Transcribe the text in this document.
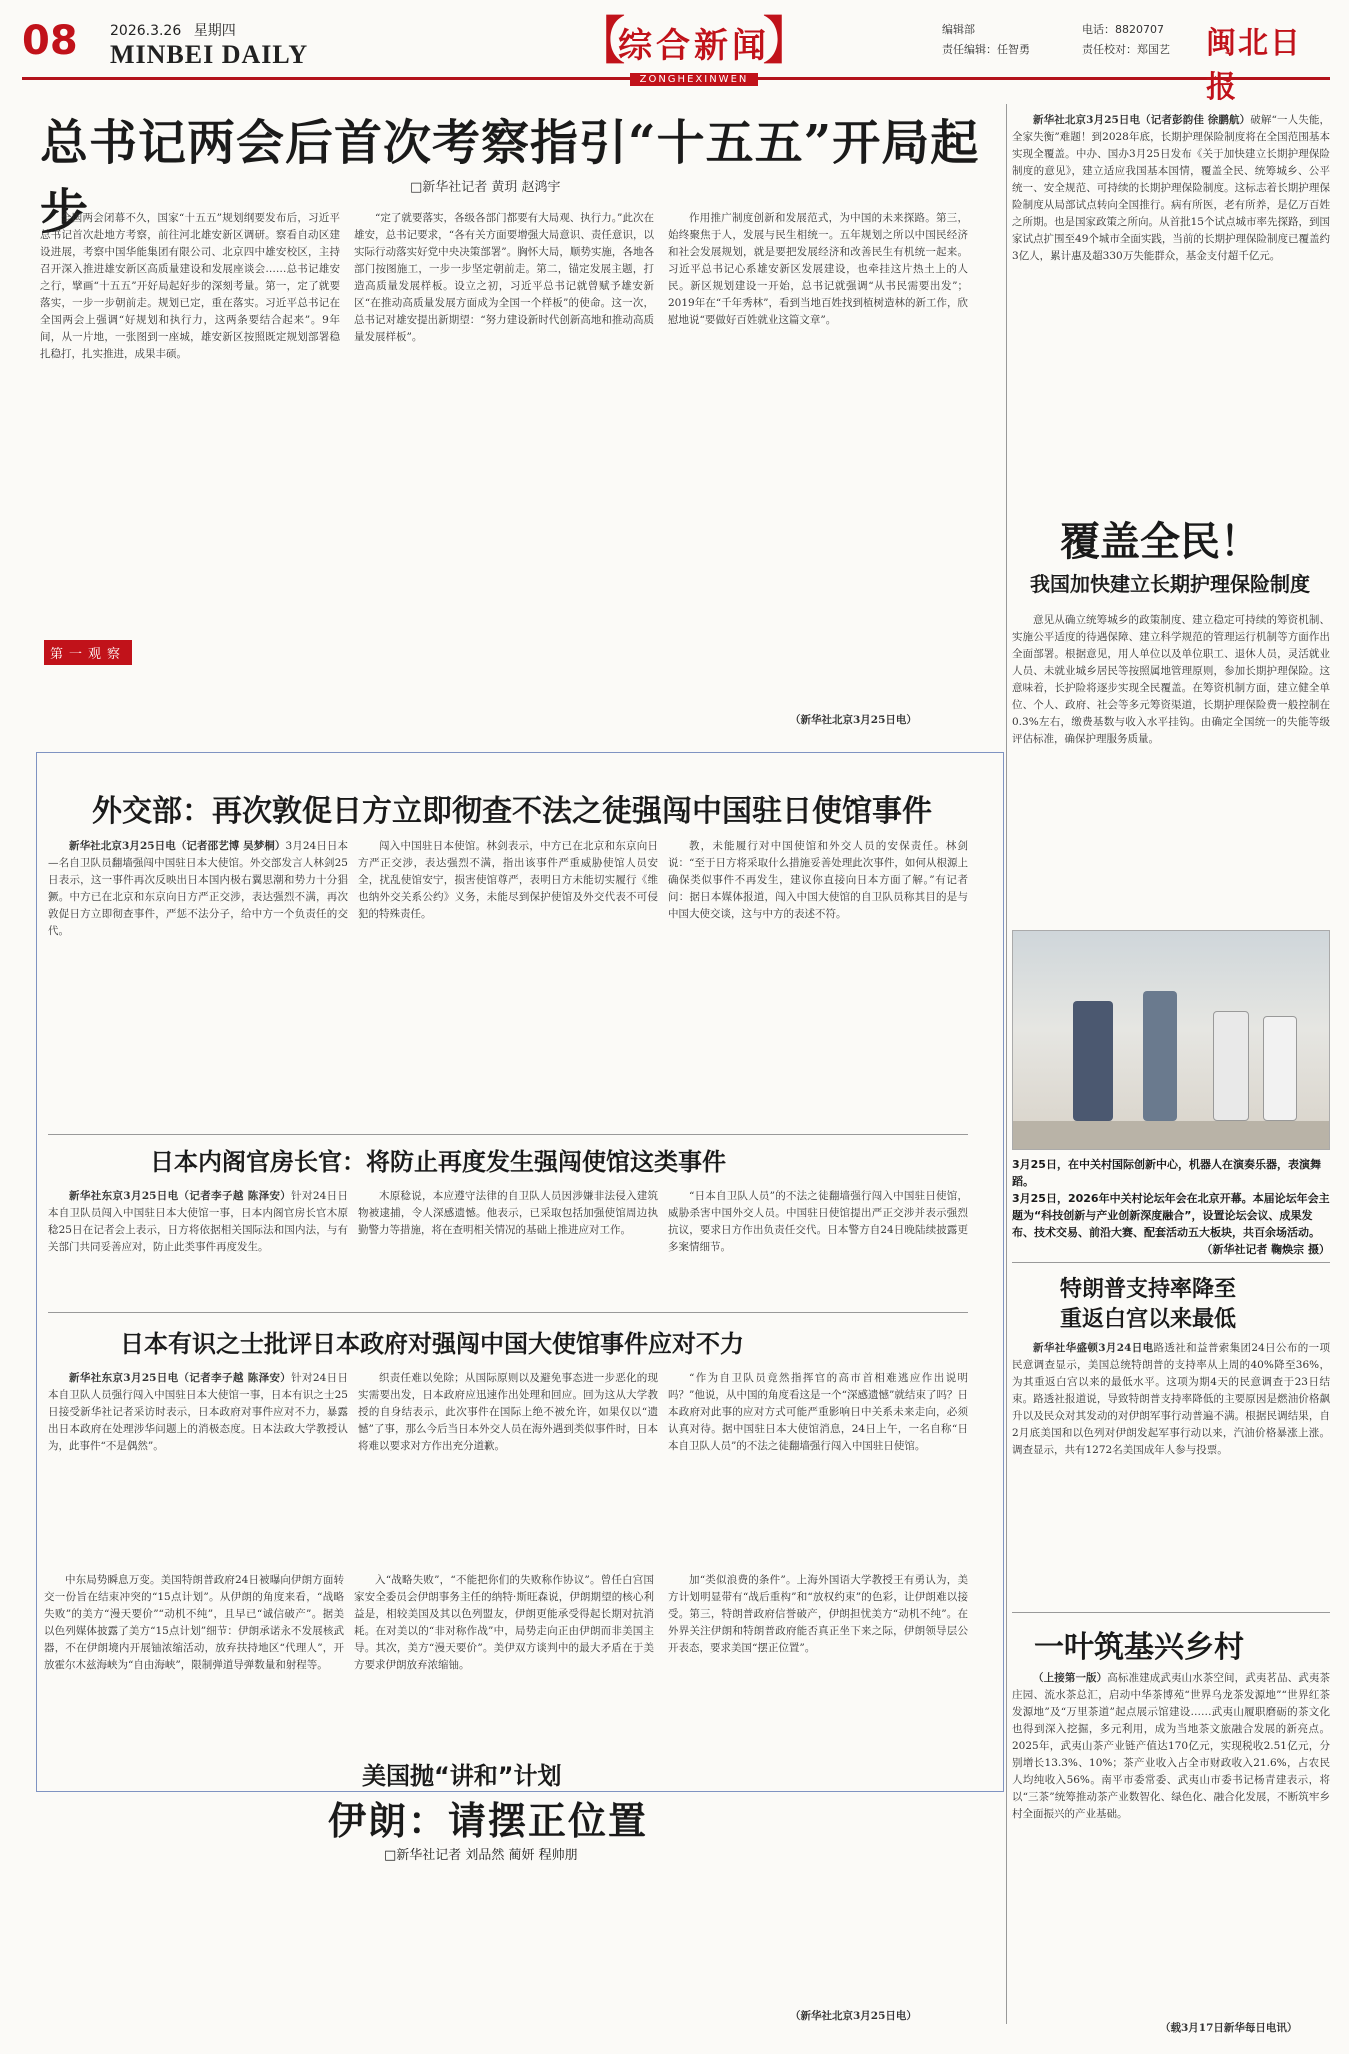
08 2026.3.26 星期四
MINBEI DAILY	【
综合新闻
ZONGHEXINWEN
】	编辑部
责任编辑：任智勇
电话：8820707
责任校对：郑国艺 闽北日报
总书记两会后首次考察指引“十五五”开局起步	□新华社记者 黄玥 赵鸿宇

全国两会闭幕不久，国家“十五五”规划纲要发布后，习近平总书记首次赴地方考察，前往河北雄安新区调研。察看自动区建设进展，考察中国华能集团有限公司、北京四中雄安校区，主持召开深入推进雄安新区高质量建设和发展座谈会……总书记雄安之行，擘画“十五五”开好局起好步的深刻考量。第一，定了就要落实，一步一步朝前走。规划已定，重在落实。习近平总书记在全国两会上强调“好规划和执行力，这两条要结合起来”。9年间，从一片地，一张图到一座城，雄安新区按照既定规划部署稳扎稳打，扎实推进，成果丰硕。

“定了就要落实，各级各部门都要有大局观、执行力。”此次在雄安，总书记要求，“各有关方面要增强大局意识、责任意识，以实际行动落实好党中央决策部署”。胸怀大局，顺势实施，各地各部门按图施工，一步一步坚定朝前走。第二，锚定发展主题，打造高质量发展样板。设立之初，习近平总书记就曾赋予雄安新区“在推动高质量发展方面成为全国一个样板”的使命。这一次，总书记对雄安提出新期望：“努力建设新时代创新高地和推动高质量发展样板”。

作用推广制度创新和发展范式，为中国的未来探路。第三，始终聚焦于人，发展与民生相统一。五年规划之所以中国民经济和社会发展规划，就是要把发展经济和改善民生有机统一起来。习近平总书记心系雄安新区发展建设，也牵挂这片热土上的人民。新区规划建设一开始，总书记就强调“从书民需要出发”；2019年在“千年秀林”，看到当地百姓找到植树造林的新工作，欣慰地说“要做好百姓就业这篇文章”。

第一观察
（新华社北京3月25日电）
外交部：再次敦促日方立即彻查不法之徒强闯中国驻日使馆事件

新华社北京3月25日电（记者邵艺博 吴梦桐）3月24日日本—名自卫队员翻墙强闯中国驻日本大使馆。外交部发言人林剑25日表示，这一事件再次反映出日本国内极右翼思潮和势力十分猖獗。中方已在北京和东京向日方严正交涉，表达强烈不满，再次敦促日方立即彻查事件，严惩不法分子，给中方一个负责任的交代。

闯入中国驻日本使馆。林剑表示，中方已在北京和东京向日方严正交涉，表达强烈不满，指出该事件严重威胁使馆人员安全，扰乱使馆安宁，损害使馆尊严，表明日方未能切实履行《维也纳外交关系公约》义务，未能尽到保护使馆及外交代表不可侵犯的特殊责任。

教，未能履行对中国使馆和外交人员的安保责任。林剑说：“至于日方将采取什么措施妥善处理此次事件，如何从根源上确保类似事件不再发生，建议你直接向日本方面了解。”有记者问：据日本媒体报道，闯入中国大使馆的自卫队员称其目的是与中国大使交谈，这与中方的表述不符。

日本内阁官房长官：将防止再度发生强闯使馆这类事件

新华社东京3月25日电（记者李子越 陈泽安）针对24日日本自卫队员闯入中国驻日本大使馆一事，日本内阁官房长官木原稔25日在记者会上表示，日方将依据相关国际法和国内法，与有关部门共同妥善应对，防止此类事件再度发生。

木原稔说，本应遵守法律的自卫队人员因涉嫌非法侵入建筑物被逮捕，令人深感遗憾。他表示，已采取包括加强使馆周边执勤警力等措施，将在查明相关情况的基础上推进应对工作。

“日本自卫队人员”的不法之徒翻墙强行闯入中国驻日使馆，威胁杀害中国外交人员。中国驻日使馆提出严正交涉并表示强烈抗议，要求日方作出负责任交代。日本警方自24日晚陆续披露更多案情细节。

日本有识之士批评日本政府对强闯中国大使馆事件应对不力

新华社东京3月25日电（记者李子越 陈泽安）针对24日日本自卫队人员强行闯入中国驻日本大使馆一事，日本有识之士25日接受新华社记者采访时表示，日本政府对事件应对不力，暴露出日本政府在处理涉华问题上的消极态度。日本法政大学教授认为，此事件“不是偶然”。

织责任难以免除；从国际原则以及避免事态进一步恶化的现实需要出发，日本政府应迅速作出处理和回应。回为这从大学教授的自身结表示，此次事件在国际上绝不被允许，如果仅以“遗憾”了事，那么今后当日本外交人员在海外遇到类似事件时，日本将难以要求对方作出充分道歉。

“作为自卫队员竟然指挥官的高市首相难逃应作出说明吗？”他说，从中国的角度看这是一个“深感遗憾”就结束了吗？日本政府对此事的应对方式可能严重影响日中关系未来走向，必须认真对待。据中国驻日本大使馆消息，24日上午，一名自称“日本自卫队人员”的不法之徒翻墙强行闯入中国驻日使馆。

中东局势瞬息万变。美国特朗普政府24日被曝向伊朗方面转交一份旨在结束冲突的“15点计划”。从伊朗的角度来看，“战略失败”的美方“漫天要价”“动机不纯”，且早已“诚信破产”。据美以色列媒体披露了美方“15点计划”细节：伊朗承诺永不发展核武器，不在伊朗境内开展铀浓缩活动，放弃扶持地区“代理人”，开放霍尔木兹海峡为“自由海峡”，限制弹道导弹数量和射程等。

入“战略失败”，“不能把你们的失败称作协议”。曾任白宫国家安全委员会伊朗事务主任的纳特·斯旺森说，伊朗期望的核心利益是，相较美国及其以色列盟友，伊朗更能承受得起长期对抗消耗。在对美以的“非对称作战”中，局势走向正由伊朗而非美国主导。其次，美方“漫天要价”。美伊双方谈判中的最大矛盾在于美方要求伊朗放弃浓缩铀。

加“类似浪费的条件”。上海外国语大学教授王有勇认为，美方计划明显带有“战后重构”和“放权约束”的色彩，让伊朗难以接受。第三，特朗普政府信誉破产，伊朗担忧美方“动机不纯”。在外界关注伊朗和特朗普政府能否真正坐下来之际，伊朗领导层公开表态，要求美国“摆正位置”。

美国抛“讲和”计划
伊朗：请摆正位置
□新华社记者 刘品然 蔺妍 程帅朋
（新华社北京3月25日电）

新华社北京3月25日电（记者彭韵佳 徐鹏航）破解“一人失能，全家失衡”难题！到2028年底，长期护理保险制度将在全国范围基本实现全覆盖。中办、国办3月25日发布《关于加快建立长期护理保险制度的意见》，建立适应我国基本国情，覆盖全民、统筹城乡、公平统一、安全规范、可持续的长期护理保险制度。这标志着长期护理保险制度从局部试点转向全国推行。病有所医，老有所养，是亿万百姓之所期。也是国家政策之所向。从首批15个试点城市率先探路，到国家试点扩围至49个城市全面实践，当前的长期护理保险制度已覆盖约3亿人，累计惠及超330万失能群众，基金支付超千亿元。

覆盖全民！
我国加快建立长期护理保险制度

意见从确立统筹城乡的政策制度、建立稳定可持续的筹资机制、实施公平适度的待遇保障、建立科学规范的管理运行机制等方面作出全面部署。根据意见，用人单位以及单位职工、退休人员，灵活就业人员、未就业城乡居民等按照属地管理原则，参加长期护理保险。这意味着，长护险将逐步实现全民覆盖。在筹资机制方面，建立健全单位、个人、政府、社会等多元筹资渠道，长期护理保险费一般控制在0.3%左右，缴费基数与收入水平挂钩。由确定全国统一的失能等级评估标准，确保护理服务质量。

3月25日，在中关村国际创新中心，机器人在演奏乐器，表演舞蹈。
3月25日，2026年中关村论坛年会在北京开幕。本届论坛年会主题为“科技创新与产业创新深度融合”，设置论坛会议、成果发布、技术交易、前沿大赛、配套活动五大板块，共百余场活动。
（新华社记者 鞠焕宗 摄）
特朗普支持率降至
重返白宫以来最低

新华社华盛顿3月24日电路透社和益普索集团24日公布的一项民意调查显示，美国总统特朗普的支持率从上周的40%降至36%，为其重返白宫以来的最低水平。这项为期4天的民意调查于23日结束。路透社报道说，导致特朗普支持率降低的主要原因是燃油价格飙升以及民众对其发动的对伊朗军事行动普遍不满。根据民调结果，自2月底美国和以色列对伊朗发起军事行动以来，汽油价格暴涨上涨。调查显示，共有1272名美国成年人参与投票。

一叶筑基兴乡村

（上接第一版）高标准建成武夷山水茶空间，武夷茗品、武夷茶庄园、流水茶总汇，启动中华茶博苑“世界乌龙茶发源地”“世界红茶发源地”及“万里茶道”起点展示馆建设……武夷山履职磨砺的茶文化也得到深入挖掘，多元利用，成为当地茶文旅融合发展的新亮点。2025年，武夷山茶产业链产值达170亿元，实现税收2.51亿元，分别增长13.3%、10%；茶产业收入占全市财政收入21.6%，占农民人均纯收入56%。南平市委常委、武夷山市委书记杨青建表示，将以“三茶”统筹推动茶产业数智化、绿色化、融合化发展，不断筑牢乡村全面振兴的产业基础。

（载3月17日新华每日电讯）
